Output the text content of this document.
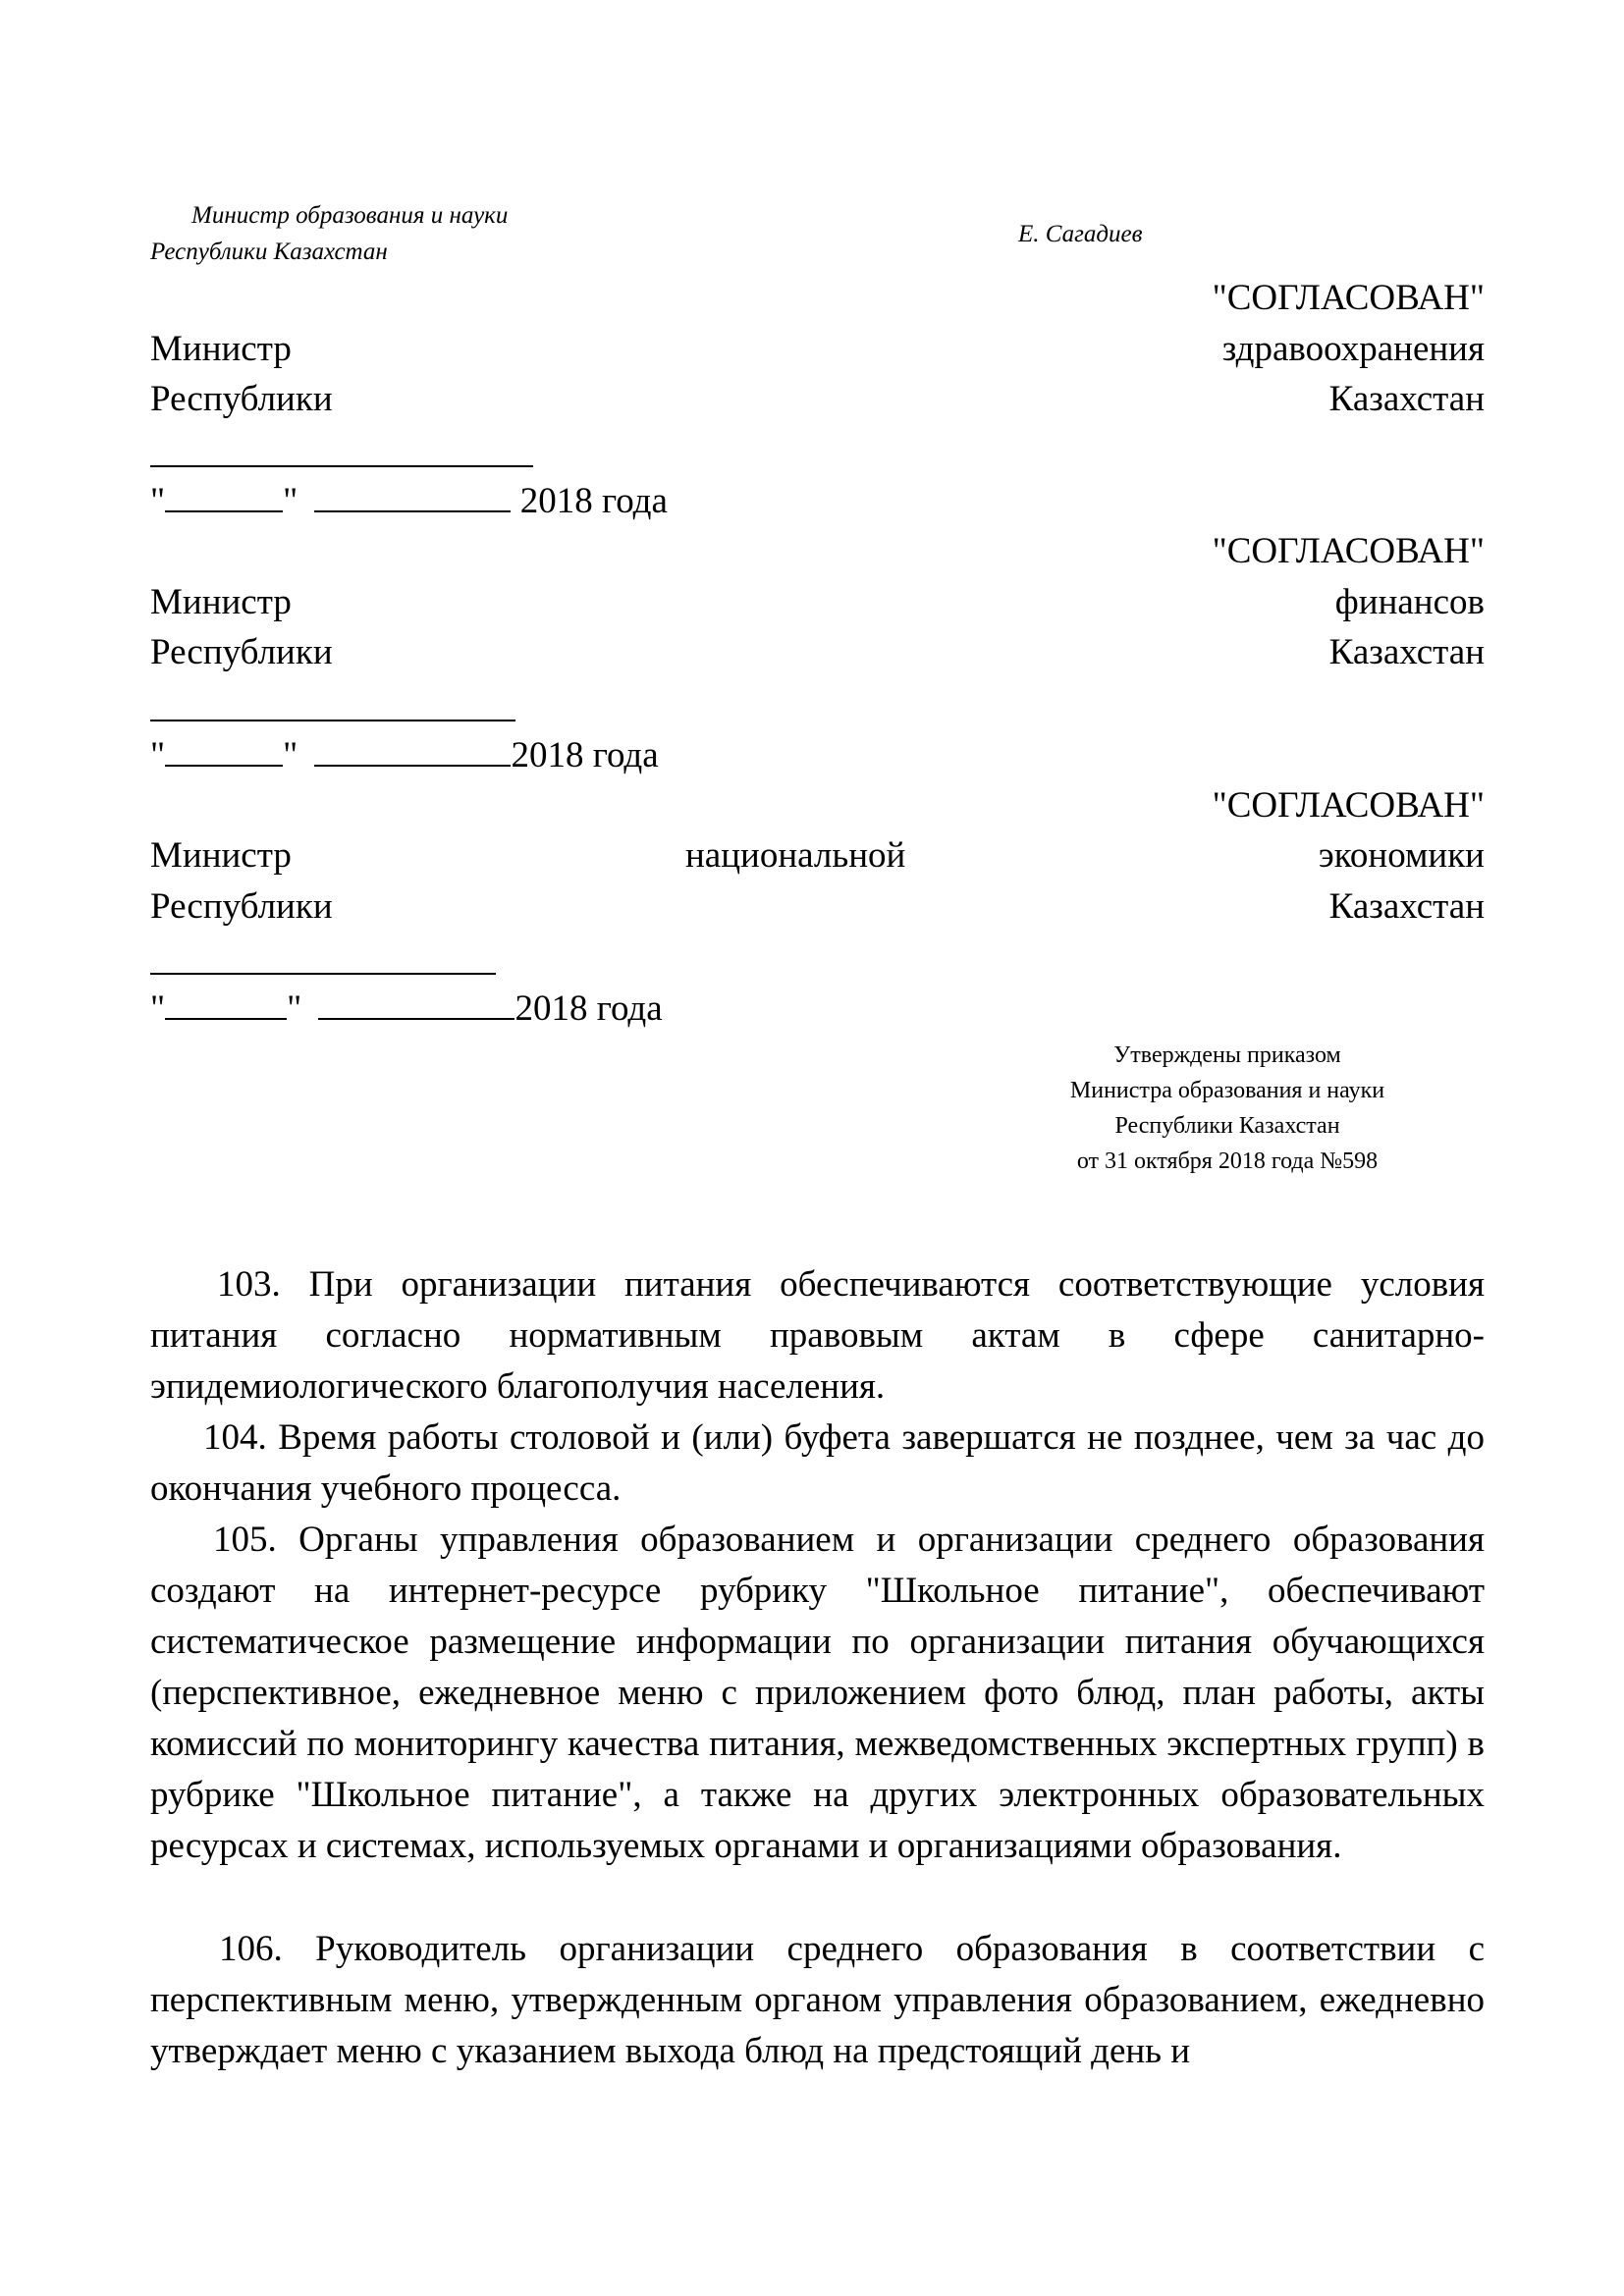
Министр образования и науки
Республики Казахстан
Е. Сагадиев
"СОГЛАСОВАН"
Министр	здравоохранения
Республики	Казахстан
"	"	2018 года
"СОГЛАСОВАН"
Министр	финансов
Республики	Казахстан
"	"	2018 года
"СОГЛАСОВАН"
Министр	национальной	экономики
Республики	Казахстан
"	"	2018 года
Утверждены приказом
Министра образования и науки
Республики Казахстан
от 31 октября 2018 года №598

103. При организации питания обеспечиваются соответствующие условия питания согласно нормативным правовым актам в сфере санитарно-эпидемиологического благополучия населения.

104. Время работы столовой и (или) буфета завершатся не позднее, чем за час до окончания учебного процесса.

105. Органы управления образованием и организации среднего образования создают на интернет-ресурсе рубрику "Школьное питание", обеспечивают систематическое размещение информации по организации питания обучающихся (перспективное, ежедневное меню с приложением фото блюд, план работы, акты комиссий по мониторингу качества питания, межведомственных экспертных групп) в рубрике "Школьное питание", а также на других электронных образовательных ресурсах и системах, используемых органами и организациями образования.

106. Руководитель организации среднего образования в соответствии с перспективным меню, утвержденным органом управления образованием, ежедневно утверждает меню с указанием выхода блюд на предстоящий день и
